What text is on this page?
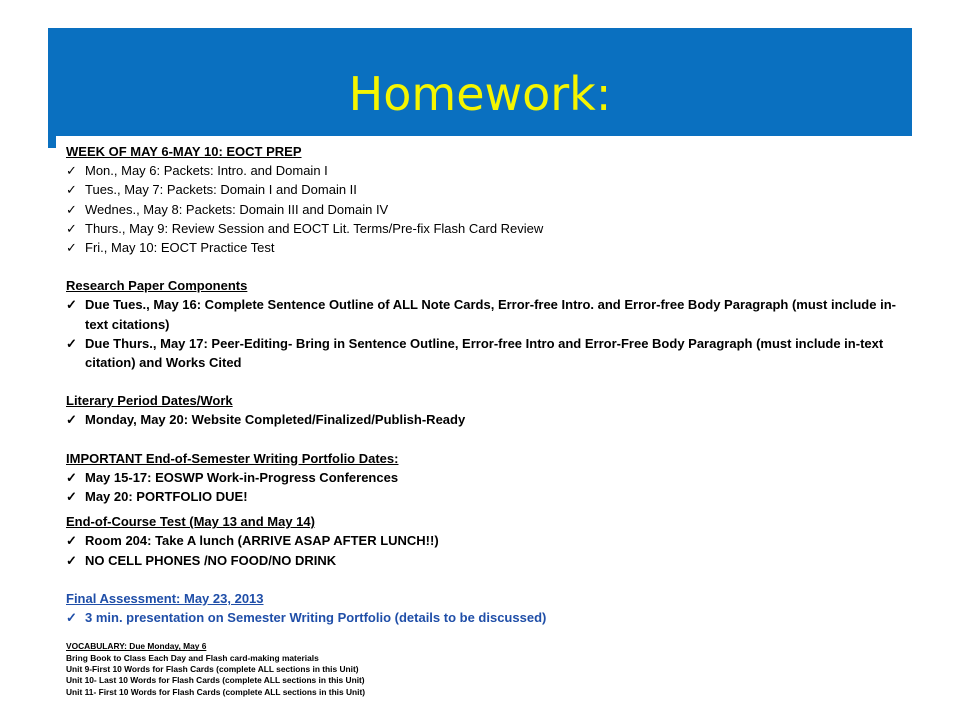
Homework:
WEEK OF MAY 6-MAY 10: EOCT PREP
✓ Mon., May 6: Packets: Intro. and Domain I
✓ Tues., May 7: Packets: Domain I and Domain II
✓ Wednes., May 8: Packets: Domain III and Domain IV
✓ Thurs., May 9: Review Session and EOCT Lit. Terms/Pre-fix Flash Card Review
✓ Fri., May 10: EOCT Practice Test
Research Paper Components
✓ Due Tues., May 16: Complete Sentence Outline of ALL Note Cards, Error-free Intro. and Error-free Body Paragraph (must include in-text citations)
✓ Due Thurs., May 17: Peer-Editing- Bring in Sentence Outline, Error-free Intro and Error-Free Body Paragraph (must include in-text citation) and Works Cited
Literary Period Dates/Work
✓ Monday, May 20: Website Completed/Finalized/Publish-Ready
IMPORTANT End-of-Semester Writing Portfolio Dates:
✓ May 15-17: EOSWP Work-in-Progress Conferences
✓ May 20: PORTFOLIO DUE!
End-of-Course Test (May 13 and May 14)
✓ Room 204: Take A lunch (ARRIVE ASAP AFTER LUNCH!!)
✓ NO CELL PHONES /NO FOOD/NO DRINK
Final Assessment: May 23, 2013
✓ 3 min. presentation on Semester Writing Portfolio (details to be discussed)
VOCABULARY: Due Monday, May 6
Bring Book to Class Each Day and Flash card-making materials
Unit 9-First 10 Words for Flash Cards (complete ALL sections in this Unit)
Unit 10- Last 10 Words for Flash Cards (complete ALL sections in this Unit)
Unit 11- First 10 Words for Flash Cards (complete ALL sections in this Unit)
